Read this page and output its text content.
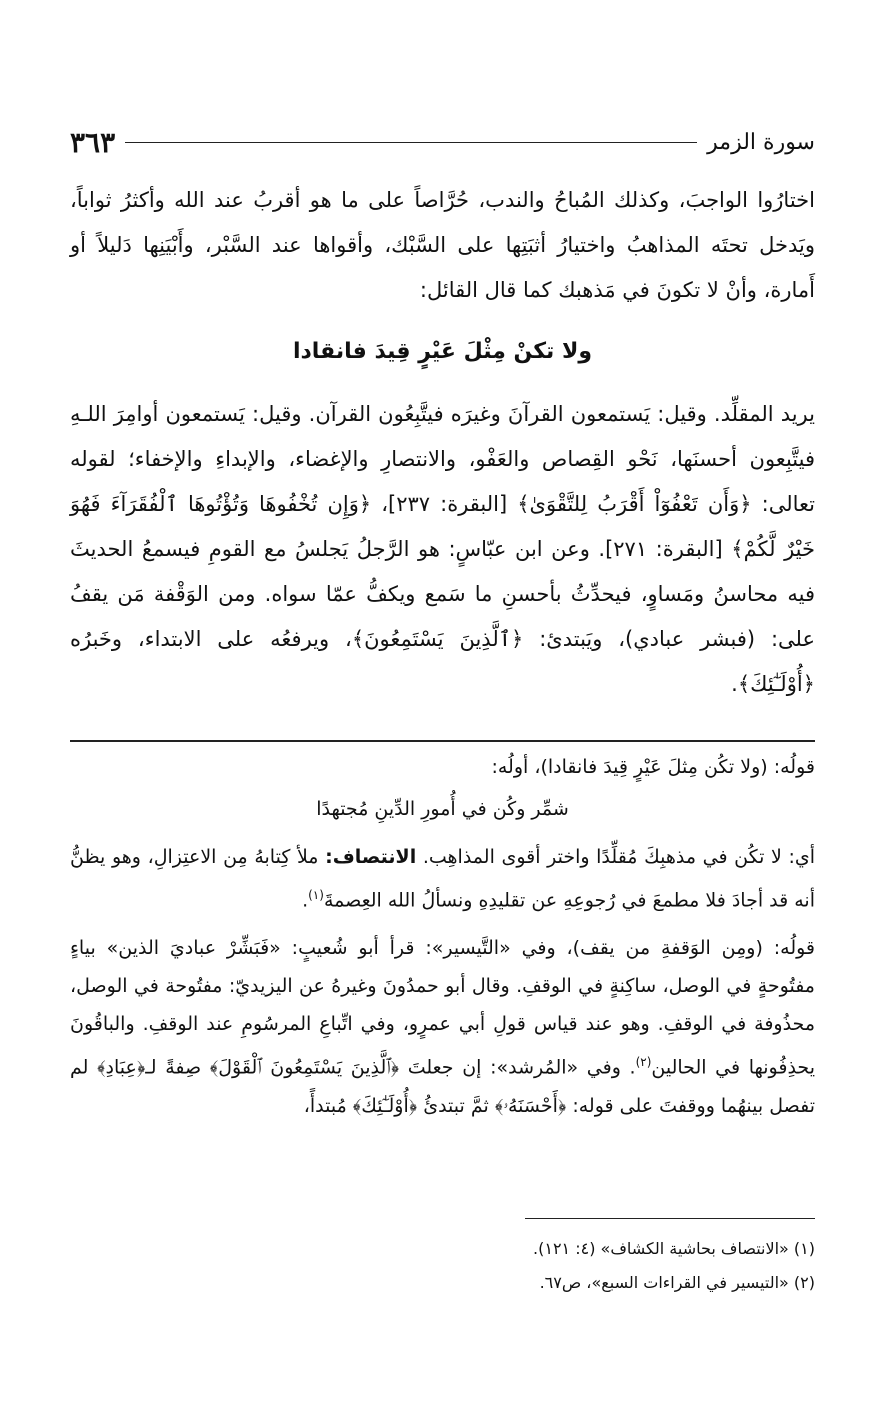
سورة الزمر
٣٦٣

اختارُوا الواجبَ، وكذلك المُباحُ والندب، حُرَّاصاً على ما هو أقربُ عند الله وأكثرُ ثواباً، ويَدخل تحتَه المذاهبُ واختيارُ أثبَتِها على السَّبْك، وأقواها عند السَّبْر، وأَبْيَنِها دَليلاً أو أَمارة، وأنْ لا تكونَ في مَذهبك كما قال القائل:

ولا تكنْ مِثْلَ عَيْرٍ قِيدَ فانقادا

يريد المقلِّد. وقيل: يَستمعون القرآنَ وغيرَه فيتَّبِعُون القرآن. وقيل: يَستمعون أوامِرَ اللـهِ فيتَّبِعون أحسنَها، نَحْو القِصاص والعَفْو، والانتصارِ والإغضاء، والإبداءِ والإخفاء؛ لقوله تعالى: ﴿وَأَن تَعْفُوٓاْ أَقْرَبُ لِلتَّقْوَىٰ﴾ [البقرة: ٢٣٧]، ﴿وَإِن تُخْفُوهَا وَتُؤْتُوهَا ٱلْفُقَرَآءَ فَهُوَ خَيْرٌ لَّكُمْ﴾ [البقرة: ٢٧١]. وعن ابن عبّاسٍ: هو الرَّجلُ يَجلسُ مع القومِ فيسمعُ الحديثَ فيه محاسنُ ومَساوٍ، فيحدِّثُ بأحسنِ ما سَمع ويكفُّ عمّا سواه. ومن الوَقْفة مَن يقفُ على: (فبشر عبادي)، ويَبتدئ: ﴿ٱلَّذِينَ يَسْتَمِعُونَ﴾، ويرفعُه على الابتداء، وخَبرُه ﴿أُوْلَـٰٓئِكَ﴾.

قولُه: (ولا تكُن مِثلَ عَيْرٍ قِيدَ فانقادا)، أولُه:

شمِّر وكُن في أُمورِ الدِّينِ مُجتهدًا

أي: لا تكُن في مذهبِكَ مُقلِّدًا واختر أقوى المذاهِب. الانتصاف: ملأ كِتابهُ مِن الاعتِزالِ، وهو يظنُّ أنه قد أجادَ فلا مطمعَ في رُجوعِهِ عن تقليدِهِ ونسألُ الله العِصمةَ$^{(١)}$.

قولُه: (ومِن الوَقفةِ من يقف)، وفي «التَّيسير»: قرأ أبو شُعيبٍ: «فَبَشِّرْ عباديَ الذين» بياءٍ مفتُوحةٍ في الوصل، ساكِنةٍ في الوقفِ. وقال أبو حمدُونَ وغيرهُ عن اليزيديّ: مفتُوحة في الوصل، محذُوفة في الوقفِ. وهو عند قياس قولِ أبي عمرٍو، وفي اتِّباعِ المرسُومِ عند الوقفِ. والباقُونَ يحذِفُونها في الحالين$^{(٢)}$. وفي «المُرشد»: إن جعلتَ ﴿ٱلَّذِينَ يَسْتَمِعُونَ ٱلْقَوْلَ﴾ صِفةً لـ﴿عِبَادِ﴾ لم تفصل بينهُما ووقفتَ على قوله: ﴿أَحْسَنَهُۥ﴾ ثمَّ تبتدئُ ﴿أُوْلَـٰٓئِكَ﴾ مُبتدأً،

(١) «الانتصاف بحاشية الكشاف» (٤: ١٢١).

(٢) «التيسير في القراءات السبع»، ص٦٧.
